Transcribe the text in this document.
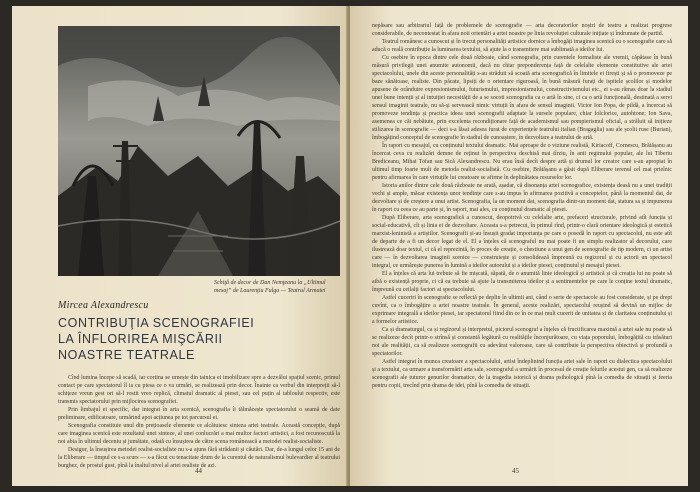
Schiţă de decor de Dan Nemţeanu la „Ultimul mesaj” de Laurenţiu Fulga — Teatrul Armatei
Mircea Alexandrescu
CONTRIBUŢIA SCENOGRAFIEI
LA ÎNFLORIREA MIŞCĂRII
NOASTRE TEATRALE

Cînd lumina începe să scadă, iar cortina se urnește din tainica ei imobilizare spre a dezvălui spațiul scenic, primul contact pe care spectatorul îl ia cu piesa ce o va urmări, se realizează prin decor. Înainte ca verbul din interpreții să-l schițeze vreun gest ori să-l rostit vreo replică, climatul dramatic al piesei, sau cel puțin al tabloului respectiv, este transmis spectatorului prin mijlocirea scenografiei.

Prin limbajul ei specific, dar integrat în arta scenică, scenografia îi tălmăcește spectatorului o seamă de date preliminare, edificatoare, urmărind apoi acțiunea pe tot parcursul ei.

Scenografia constituie unul din prețioasele elemente ce alcătuiesc sinteza artei teatrale. Această concepție, după care imaginea scenică este rezultatul unei sinteze, al unei conlucrări a mai multor factori artistici, a fost recunoscută la noi abia în ultimul deceniu și jumătate, odată cu însușirea de către scena românească a metodei realist-socialiste.

Desigur, la însușirea metodei realist-socialiste nu s-a ajuns fără strădanii și căutări. Dar, de-a lungul celor 15 ani de la Eliberare — timpul ce s-a scurs — s-a făcut cu tenacitate drum de la curentul de naturalismul bulevardier al teatrului burghez, de prostul gust, pînă la înaltul nivel al artei realiste de azi.

44

nepăsare sau arbitrariul față de problemele de scenografie — arta decoratorilor noștri de teatru a realizat progrese considerabile, de necontestat în afara noii orientări a artei noastre pe linia revoluției culturale inițiate și îndrumate de partid.

Teatrul românesc a cunoscut și în trecut personalități artistice dornice a îmbogăți imaginea scenică cu o scenografie care să aducă o reală contribuție la luminarea textului, să ajute la o transmitere mai sublimată a ideilor lui.

Cu osebire în epoca dintre cele două războaie, când scenografia, prin curentele formaliste ale vremii, căpătase în bună măsură privilegii unei anumite autonomii, dacă nu chiar preponderența față de celelalte elemente constitutive ale artei spectacolului, unele din aceste personalități s-au străduit să scoată arta scenografică în limitele ei firești și să o promoveze pe baze sănătoase, realiste. Din păcate, lipsiți de o orientare riguroasă, în bună măsură furați de ispitele școlilor și modelor apusene de orânduire expresionismului, futurismului, impresionismului, constructivismului etc., ei s-au rămas doar la stadiul unei bune intenții și al intuiției necesității de a se socoti scenografia ca o artă în sine, ci ca o artă funcțională, destinată a servi sensul imaginii teatrale, nu să-și servească nimic virtuții în afara de sensul imaginii. Victor Ion Popa, de pildă, a încercat să promoveze tendința și practica ideea unei scenografii adaptate la sursele populare, chiar folclorice, autohtone; Ion Sava, asemenea ce căi nebătute, prin excelenta recondiționare față de academismul sau pompierismul oficial, a străluit să inițieze stilizarea în scenografie — deci s-a lăsat adesea furat de experiențele teatrului italian (Bragaglia) sau ale școlii ruse (Burian), îmbogățind conceptul de scenografie în stadiul de cunoaștere, în dezvoltare a teatrului de artă.

În raport cu mesajul, cu conținutul textului dramatic. Mai aproape de o viziune realistă, Kiriacoff, Cornescu, Brătășanu au încercat ceva cu realizări demne de reținut în perspectiva deschisă mai tîrziu, în anii regimului popular, ale lui Tiberiu Brediceanu, Mihai Tofan sau Sică Alexandrescu. Nu erau însă decît despre artă și drumul lor creator care s-au apropiat în ultimul timp foarte mult de metoda realist-socialistă. Cu osebire, Brătășanu a găsit după Eliberare terenul cel mai prielnic pentru afirmarea în care virtuțile lui creatoare se afirme în deplinătatea resurselor lor.

Istoria anilor dintre cele două războaie ne arată, așadar, că disonanța artei scenografice, existența deasă nu a unei tradiții vechi și ample, măcar existența unor tendințe care s-au impus în afirmarea pozitivă a conceptelor, până la momentul dat, de dezvoltare și de creștere a unui artist. Scenografia, la un moment dat, scenografia dintr-un moment dat, statura sa și impunerea în raport cu ceea ce au parte și, în raport, mai ales, cu conținutul dramatic al piesei.

După Eliberare, arta scenografică a cunoscut, deopotrivă cu celelalte arte, prefaceri structurale, privind atît funcția și social-educativă, cît și linia ei de dezvoltare. Aceasta s-a petrecut, în primul rînd, printr-o clară orientare ideologică și estetică marxist-leninistă a artiștilor. Scenografii și-au însușit gradat importanța pe care o posedă în raport cu spectacolul, nu este atît de departe de a fi un decor legat de el. El a înțeles că scenograful nu mai poate fi un simplu realizator al decorului, care ilustrează doar textul, ci că el reprezintă, în proces de creație, o chestiune a unui gen de scenografie de tip modern, ci un artist care — în dezvoltarea imaginii scenice — construiește și consolidează împreună cu regizorul și cu actorii un spectacol integral, ce urmărește punerea în lumină a ideilor autorului și a ideilor piesei, conținutul și mesajul piesei.

El a înțeles că arta lui trebuie să fie mișcată, săpată, de o anumită linie ideologică și artistică și că creația lui nu poate să aibă o existență proprie, ci că ea trebuie să ajute la transmiterea ideilor și a sentimentelor pe care le conține textul dramatic, împreună cu ceilalți factori ai spectacolului.

Astfel cuceriri în scenografie se reflectă pe deplin în ultimii ani, când o serie de spectacole au fost considerate, și pe drept cuvînt, ca o îmbogățire a artei noastre teatrale. În general, aceste realizări, spectacolul reușind să devină un mijloc de exprimare integrală a ideilor piesei, iar spectatorul fiind din ce în ce mai mult cucerit de unitatea și de claritatea conținutului și a formelor artistice.

Ca și dramaturgul, ca și regizorul și interpretul, pictorul scenograf a înțeles că fructificarea maximă a artei sale nu poate să se realizeze decît printr-o strînsă și constantă legătură cu realitățile înconjurătoare, cu viața poporului, îmbogățită cu trăsături noi ale realității, ca să realizeze scenografii cu adevărat valoroase, care să contribuie la perspectiva obiectivă și profundă a spectatorilor.

Astfel integrat în munca creatoare a spectacolului, artist îndeplinind funcția artei sale în raport cu dialectica spectacolului și a textului, ca urmare a transformării arta sale, scenograful a urmărit în procesul de creație felurile acestui gen, ca să realizeze scenografii ale tuturor genurilor dramatice, de la tragedia istorică și drama psihologică pînă la comedia de situații și feeria pentru copii, trecînd prin drama de idei, pînă la comedia de situații.

45
